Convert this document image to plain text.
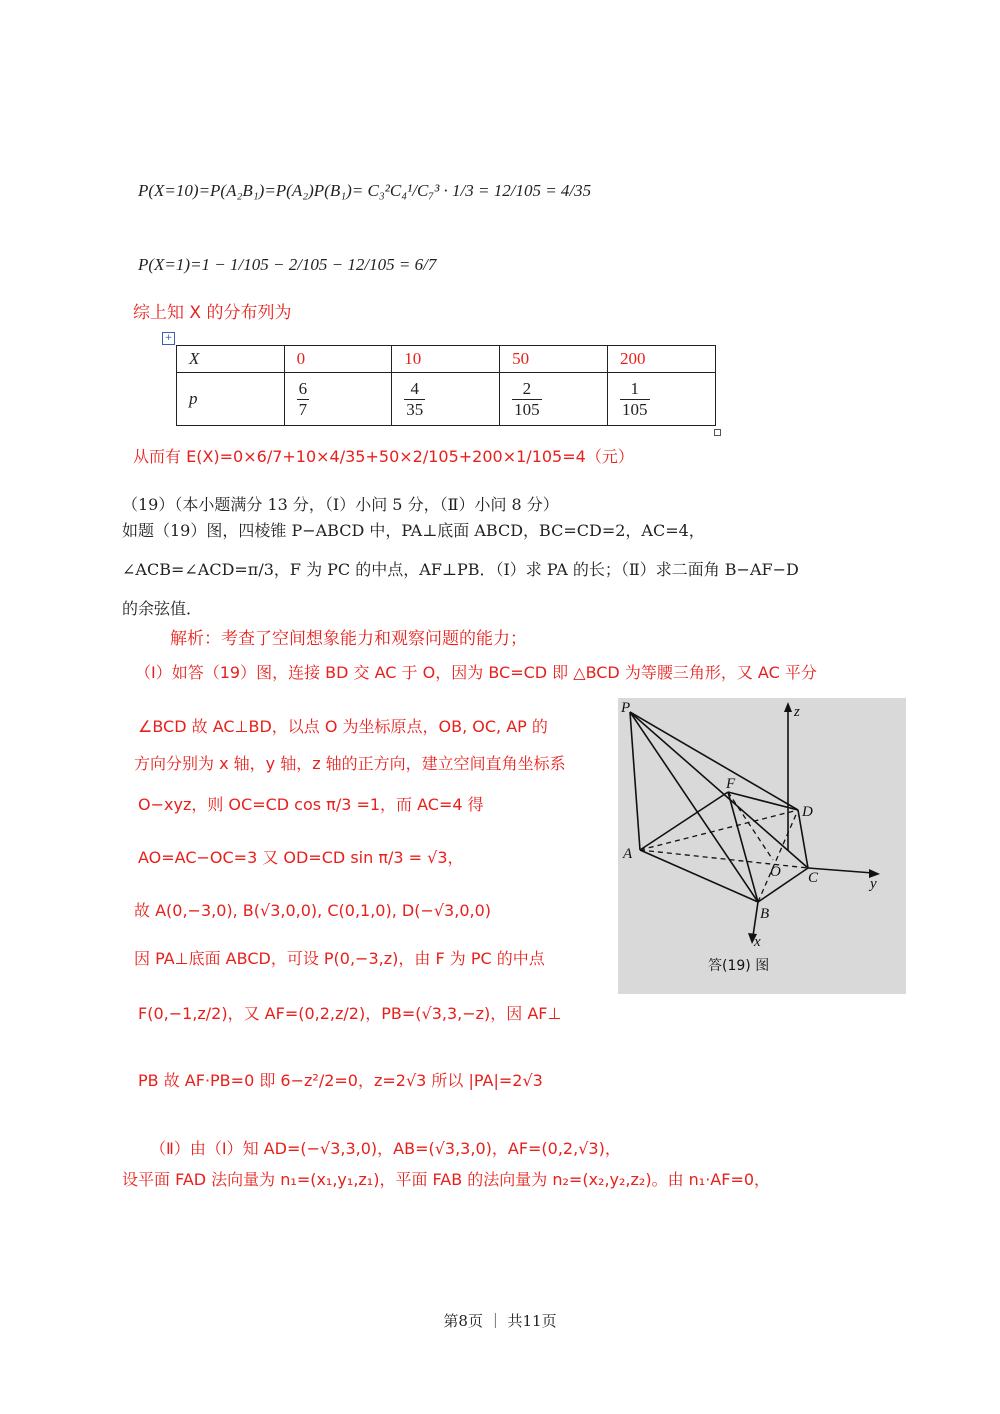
P(X=10)=P(A₂B₁)=P(A₂)P(B₁)= C₃²C₄¹/C₇³ · 1/3 = 12/105 = 4/35
P(X=1)=1 − 1/105 − 2/105 − 12/105 = 6/7
综上知 X 的分布列为
+
X	0	10	50	200
p	$\frac{6}{7}$	$\frac{4}{35}$	$\frac{2}{105}$	$\frac{1}{105}$
从而有 E(X)=0×6/7+10×4/35+50×2/105+200×1/105=4（元）
（19）（本小题满分 13 分，（Ⅰ）小问 5 分，（Ⅱ）小问 8 分）
如题（19）图，四棱锥 P−ABCD 中，PA⊥底面 ABCD，BC=CD=2，AC=4，
∠ACB=∠ACD=π/3，F 为 PC 的中点，AF⊥PB．（Ⅰ）求 PA 的长；（Ⅱ）求二面角 B−AF−D
的余弦值．
解析：考查了空间想象能力和观察问题的能力；
（Ⅰ）如答（19）图，连接 BD 交 AC 于 O，因为 BC=CD 即 △BCD 为等腰三角形，又 AC 平分
∠BCD 故 AC⊥BD，以点 O 为坐标原点，OB, OC, AP 的
方向分别为 x 轴，y 轴，z 轴的正方向，建立空间直角坐标系
O−xyz，则 OC=CD cos π/3 =1，而 AC=4 得
AO=AC−OC=3 又 OD=CD sin π/3 = √3，
故 A(0,−3,0), B(√3,0,0), C(0,1,0), D(−√3,0,0)
因 PA⊥底面 ABCD，可设 P(0,−3,z)，由 F 为 PC 的中点
F(0,−1,z/2)，又 AF=(0,2,z/2)，PB=(√3,3,−z)，因 AF⊥
PB 故 AF·PB=0 即 6−z²/2=0，z=2√3 所以 |PA|=2√3
（Ⅱ）由（Ⅰ）知 AD=(−√3,3,0)，AB=(√3,3,0)，AF=(0,2,√3)，
设平面 FAD 法向量为 n₁=(x₁,y₁,z₁)，平面 FAB 的法向量为 n₂=(x₂,y₂,z₂)。由 n₁·AF=0，
P	z
F
D
A
O C	y
B
x
答(19) 图
第8页 ｜ 共11页
